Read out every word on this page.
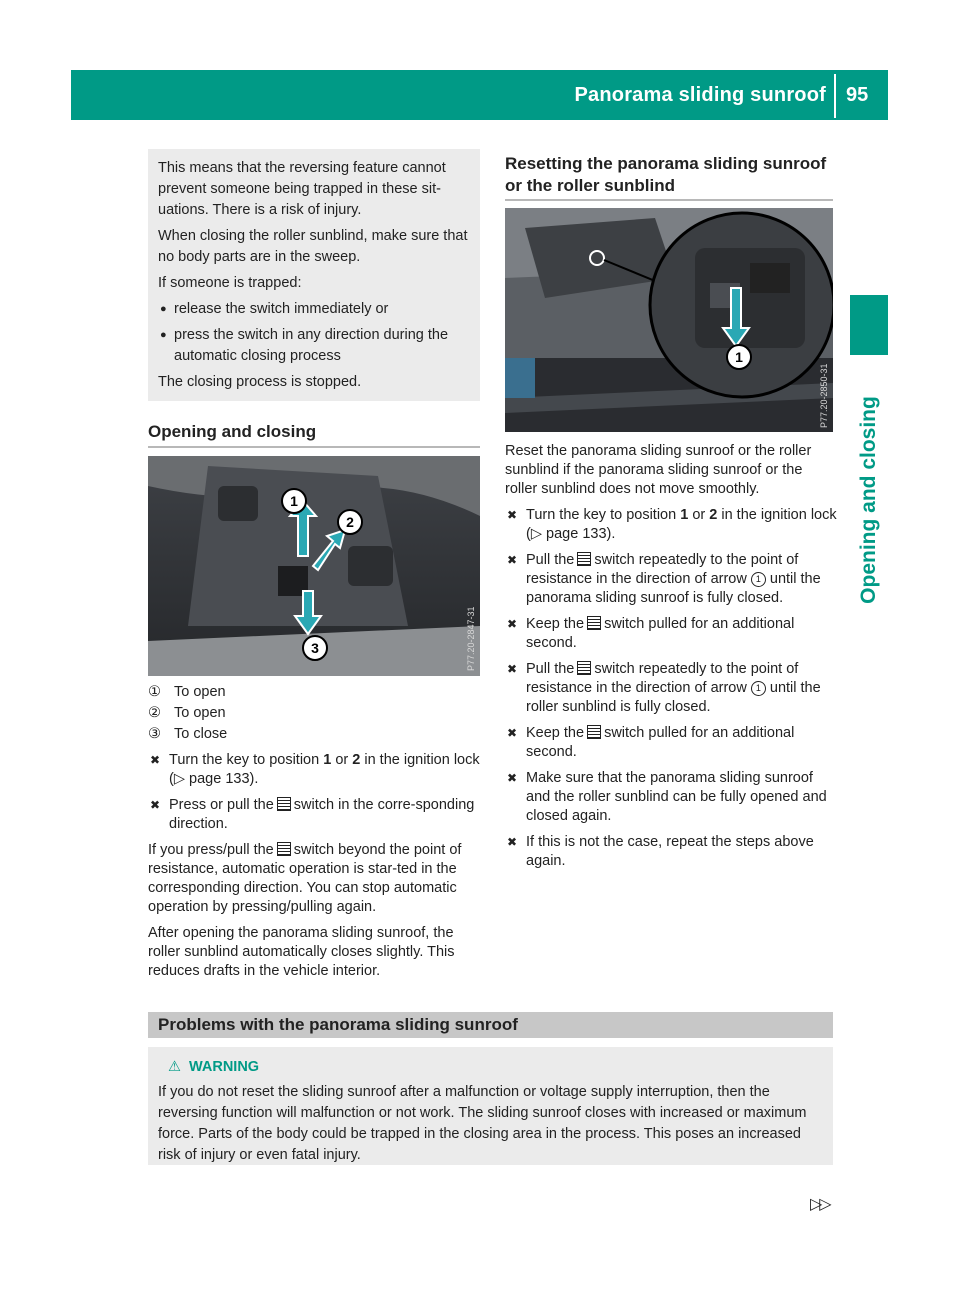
Panorama sliding sunroof 95
Opening and closing

This means that the reversing feature cannot prevent someone being trapped in these sit-uations. There is a risk of injury.

When closing the roller sunblind, make sure that no body parts are in the sweep.

If someone is trapped:

● release the switch immediately or
● press the switch in any direction during the automatic closing process

The closing process is stopped.

Opening and closing
1
2
3	P77.20-2847-31
① To open
② To open
③ To close
✖ Turn the key to position 1 or 2 in the ignition lock (▷ page 133).
✖ Press or pull the switch in the corre-sponding direction.

If you press/pull the switch beyond the point of resistance, automatic operation is star-ted in the corresponding direction. You can stop automatic operation by pressing/pulling again.

After opening the panorama sliding sunroof, the roller sunblind automatically closes slightly. This reduces drafts in the vehicle interior.

Resetting the panorama sliding sunroof or the roller sunblind
1
P77.20-2850-31

Reset the panorama sliding sunroof or the roller sunblind if the panorama sliding sunroof or the roller sunblind does not move smoothly.

✖ Turn the key to position 1 or 2 in the ignition lock (▷ page 133).
✖ Pull the switch repeatedly to the point of resistance in the direction of arrow 1 until the panorama sliding sunroof is fully closed.
✖ Keep the switch pulled for an additional second.
✖ Pull the switch repeatedly to the point of resistance in the direction of arrow 1 until the roller sunblind is fully closed.
✖ Keep the switch pulled for an additional second.
✖ Make sure that the panorama sliding sunroof and the roller sunblind can be fully opened and closed again.
✖ If this is not the case, repeat the steps above again.
Problems with the panorama sliding sunroof
⚠ WARNING
If you do not reset the sliding sunroof after a malfunction or voltage supply interruption, then the reversing function will malfunction or not work. The sliding sunroof closes with increased or maximum force. Parts of the body could be trapped in the closing area in the process. This poses an increased risk of injury or even fatal injury.
▷▷
